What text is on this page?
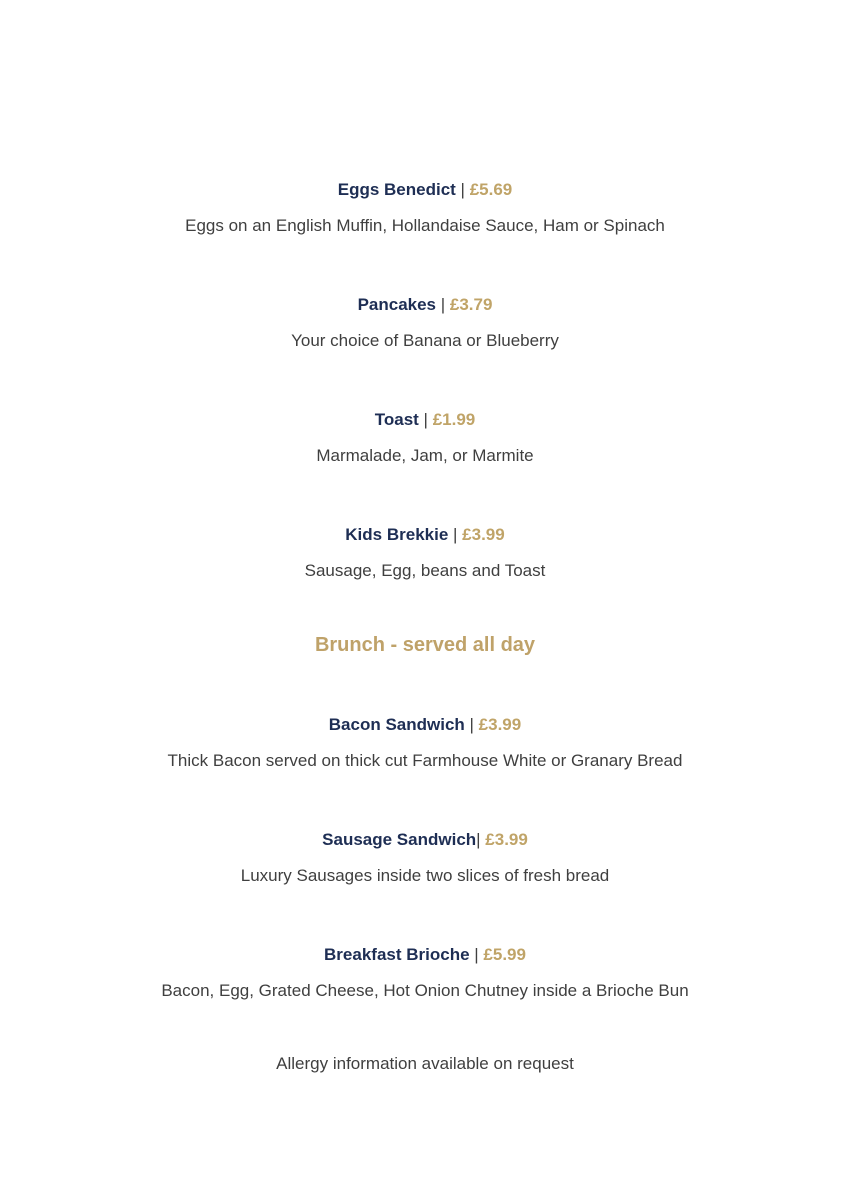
Eggs Benedict | £5.69

Eggs on an English Muffin, Hollandaise Sauce, Ham or Spinach

Pancakes | £3.79

Your choice of Banana or Blueberry

Toast | £1.99

Marmalade, Jam, or Marmite

Kids Brekkie | £3.99

Sausage, Egg, beans and Toast

Brunch - served all day

Bacon Sandwich | £3.99

Thick Bacon served on thick cut Farmhouse White or Granary Bread

Sausage Sandwich| £3.99

Luxury Sausages inside two slices of fresh bread

Breakfast Brioche | £5.99

Bacon, Egg, Grated Cheese, Hot Onion Chutney inside a Brioche Bun

Allergy information available on request
